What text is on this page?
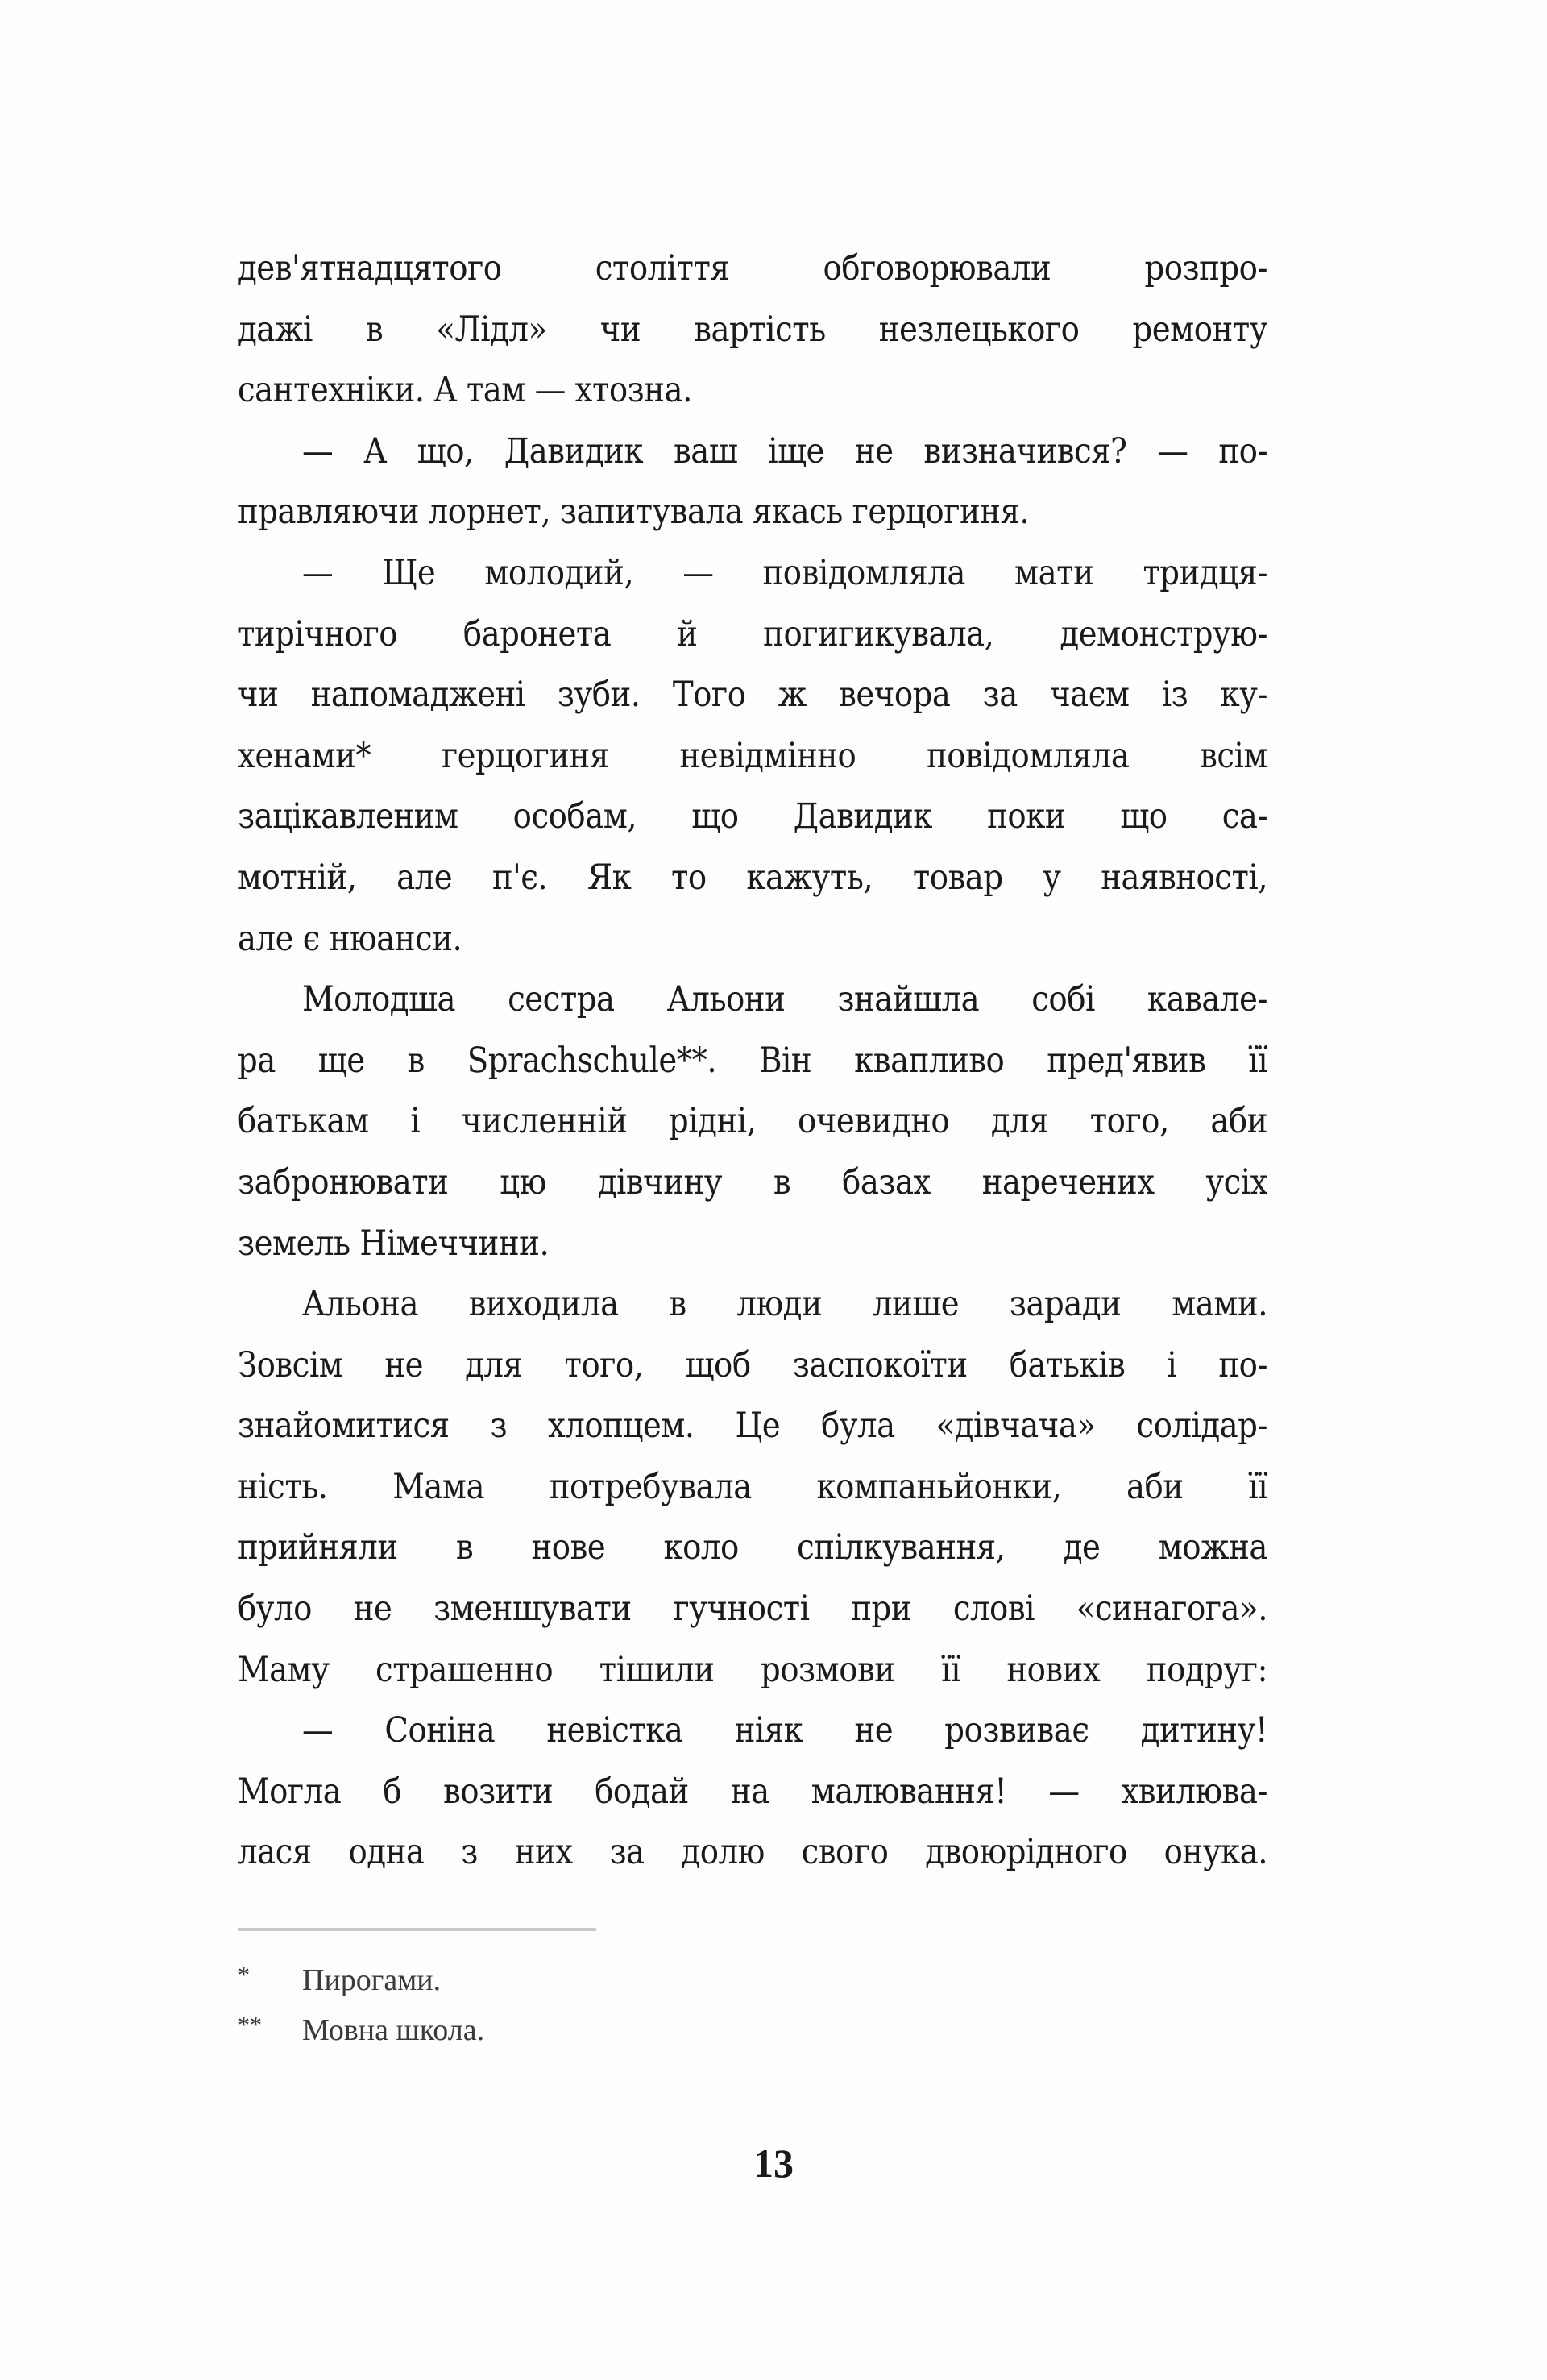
дев'ятнадцятого століття обговорювали розпро-
дажі в «Лідл» чи вартість незлецького ремонту
сантехніки. А там — хтозна.
— А що, Давидик ваш іще не визначився? — по-
правляючи лорнет, запитувала якась герцогиня.
— Ще молодий, — повідомляла мати тридця-
тирічного баронета й погигикувала, демонструю-
чи напомаджені зуби. Того ж вечора за чаєм із ку-
хенами* герцогиня невідмінно повідомляла всім
зацікавленим особам, що Давидик поки що са-
мотній, але п'є. Як то кажуть, товар у наявності,
але є нюанси.
Молодша сестра Альони знайшла собі кавале-
ра ще в Sprachschule**. Він квапливо пред'явив її
батькам і численній рідні, очевидно для того, аби
забронювати цю дівчину в базах наречених усіх
земель Німеччини.
Альона виходила в люди лише заради мами.
Зовсім не для того, щоб заспокоїти батьків і по-
знайомитися з хлопцем. Це була «дівчача» солідар-
ність. Мама потребувала компаньйонки, аби її
прийняли в нове коло спілкування, де можна
було не зменшувати гучності при слові «синагога».
Маму страшенно тішили розмови її нових подруг:
— Соніна невістка ніяк не розвиває дитину!
Могла б возити бодай на малювання! — хвилюва-
лася одна з них за долю свого двоюрідного онука.
*	Пирогами.
**	Мовна школа.
13
